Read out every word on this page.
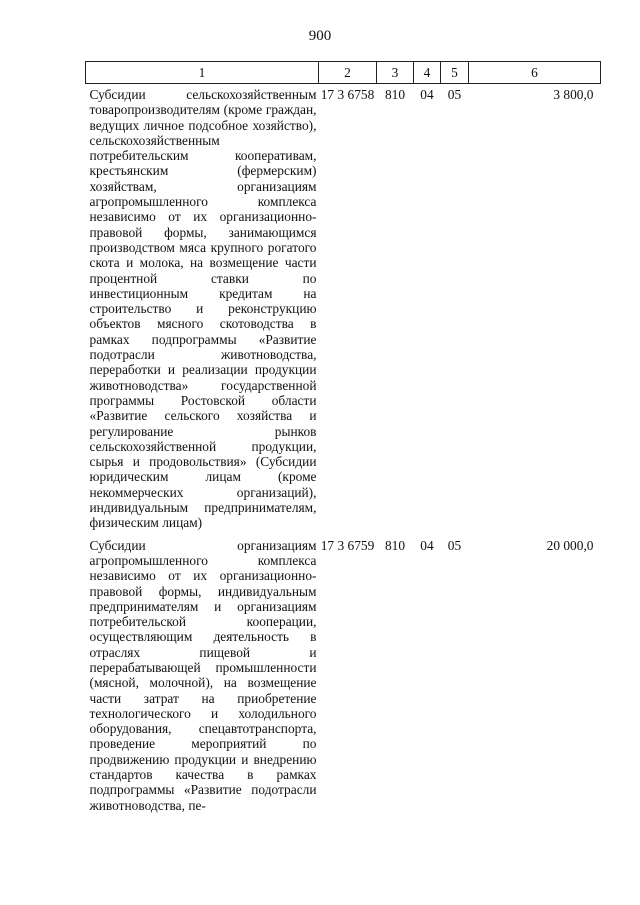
900
1	2	3	4	5	6
Субсидии сельскохозяйственным товаропроизводителям (кроме граждан, ведущих личное подсобное хозяйство), сельскохозяйственным потребительским кооперативам, крестьянским (фермерским) хозяйствам, организациям агропромышленного комплекса независимо от их организационно-правовой формы, занимающимся производством мяса крупного рогатого скота и молока, на возмещение части процентной ставки по инвестиционным кредитам на строительство и реконструкцию объектов мясного скотоводства в рамках подпрограммы «Развитие подотрасли животноводства, переработки и реализации продукции животноводства» государственной программы Ростовской области «Развитие сельского хозяйства и регулирование рынков сельскохозяйственной продукции, сырья и продовольствия» (Субсидии юридическим лицам (кроме некоммерческих организаций), индивидуальным предпринимателям, физическим лицам)	17 3 6758	810	04	05	3 800,0
Субсидии организациям агропромышленного комплекса независимо от их организационно-правовой формы, индивидуальным предпринимателям и организациям потребительской кооперации, осуществляющим деятельность в отраслях пищевой и перерабатывающей промышленности (мясной, молочной), на возмещение части затрат на приобретение технологического и холодильного оборудования, спецавтотранспорта, проведение мероприятий по продвижению продукции и внедрению стандартов качества в рамках подпрограммы «Развитие подотрасли животноводства, пе-	17 3 6759	810	04	05	20 000,0
